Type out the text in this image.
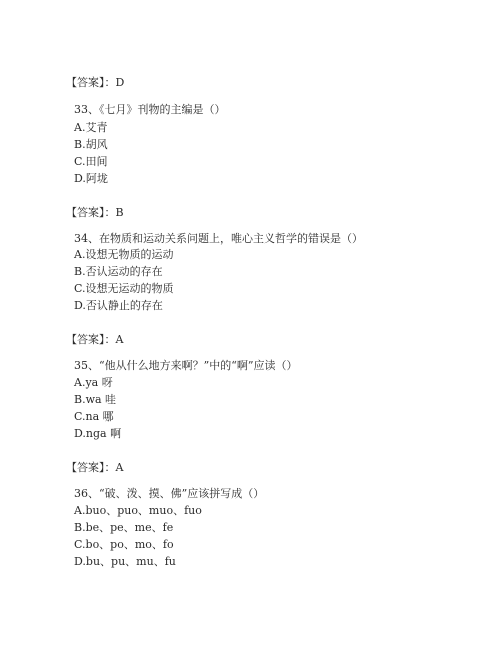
【答案】：D
33、《七月》刊物的主编是（）
A.艾青
B.胡风
C.田间
D.阿垅
【答案】：B
34、在物质和运动关系问题上，唯心主义哲学的错误是（）
A.设想无物质的运动
B.否认运动的存在
C.设想无运动的物质
D.否认静止的存在
【答案】：A
35、“他从什么地方来啊？”中的“啊”应读（）
A.ya 呀
B.wa 哇
C.na 哪
D.nga 啊
【答案】：A
36、“破、泼、摸、佛”应该拼写成（）
A.buo、puo、muo、fuo
B.be、pe、me、fe
C.bo、po、mo、fo
D.bu、pu、mu、fu
